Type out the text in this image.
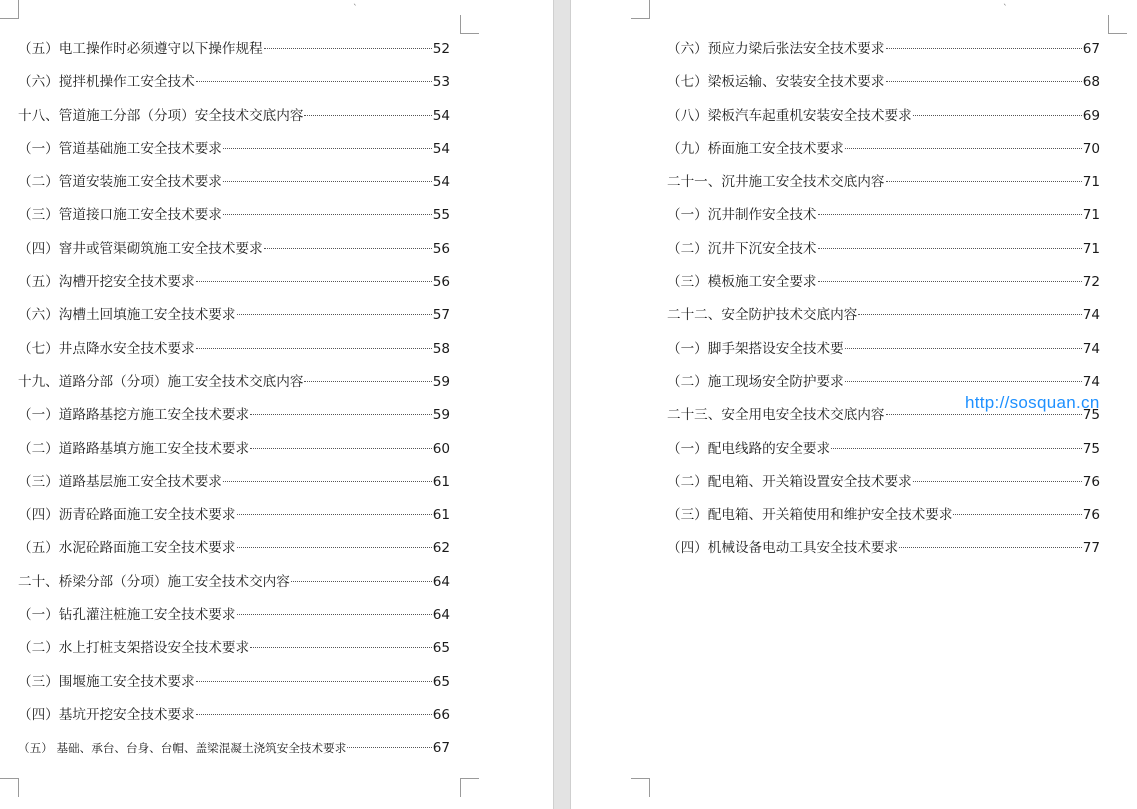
`
（五）电工操作时必须遵守以下操作规程	52
（六）搅拌机操作工安全技术	53
十八、管道施工分部（分项）安全技术交底内容	54
（一）管道基础施工安全技术要求	54
（二）管道安装施工安全技术要求	54
（三）管道接口施工安全技术要求	55
（四）窨井或管渠砌筑施工安全技术要求	56
（五）沟槽开挖安全技术要求	56
（六）沟槽土回填施工安全技术要求	57
（七）井点降水安全技术要求	58
十九、道路分部（分项）施工安全技术交底内容	59
（一）道路路基挖方施工安全技术要求	59
（二）道路路基填方施工安全技术要求	60
（三）道路基层施工安全技术要求	61
（四）沥青砼路面施工安全技术要求	61
（五）水泥砼路面施工安全技术要求	62
二十、桥梁分部（分项）施工安全技术交内容	64
（一）钻孔灌注桩施工安全技术要求	64
（二）水上打桩支架搭设安全技术要求	65
（三）围堰施工安全技术要求	65
（四）基坑开挖安全技术要求	66
（五） 基础、承台、台身、台帽、盖梁混凝土浇筑安全技术要求	67
`
（六）预应力梁后张法安全技术要求	67
（七）梁板运输、安装安全技术要求	68
（八）梁板汽车起重机安装安全技术要求	69
（九）桥面施工安全技术要求	70
二十一、沉井施工安全技术交底内容	71
（一）沉井制作安全技术	71
（二）沉井下沉安全技术	71
（三）模板施工安全要求	72
二十二、安全防护技术交底内容	74
（一）脚手架搭设安全技术要	74
（二）施工现场安全防护要求	74
二十三、安全用电安全技术交底内容	75
（一）配电线路的安全要求	75
（二）配电箱、开关箱设置安全技术要求	76
（三）配电箱、开关箱使用和维护安全技术要求	76
（四）机械设备电动工具安全技术要求	77
http://sosquan.cn
